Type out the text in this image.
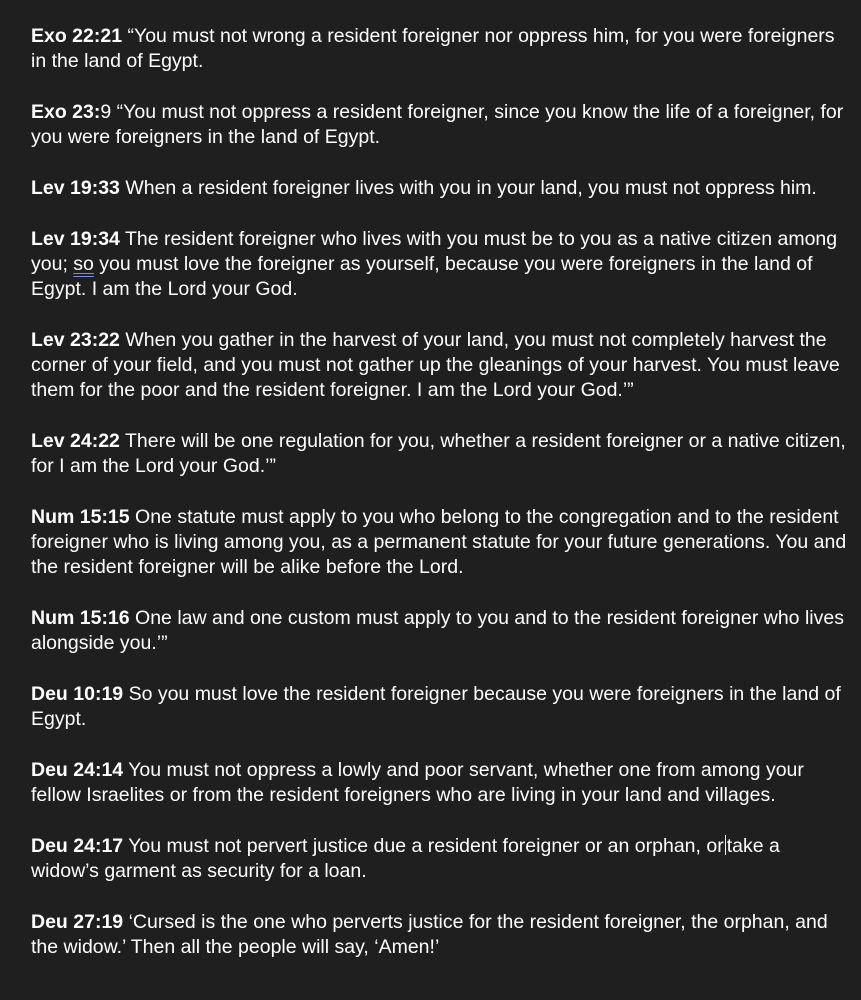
Exo 22:21 “You must not wrong a resident foreigner nor oppress him, for you were foreigners in the land of Egypt.

Exo 23:9 “You must not oppress a resident foreigner, since you know the life of a foreigner, for you were foreigners in the land of Egypt.

Lev 19:33 When a resident foreigner lives with you in your land, you must not oppress him.

Lev 19:34 The resident foreigner who lives with you must be to you as a native citizen among you; so you must love the foreigner as yourself, because you were foreigners in the land of Egypt. I am the Lord your God.

Lev 23:22 When you gather in the harvest of your land, you must not completely harvest the corner of your field, and you must not gather up the gleanings of your harvest. You must leave them for the poor and the resident foreigner. I am the Lord your God.’”

Lev 24:22 There will be one regulation for you, whether a resident foreigner or a native citizen, for I am the Lord your God.’”

Num 15:15 One statute must apply to you who belong to the congregation and to the resident foreigner who is living among you, as a permanent statute for your future generations. You and the resident foreigner will be alike before the Lord.

Num 15:16 One law and one custom must apply to you and to the resident foreigner who lives alongside you.’”

Deu 10:19 So you must love the resident foreigner because you were foreigners in the land of Egypt.

Deu 24:14 You must not oppress a lowly and poor servant, whether one from among your fellow Israelites or from the resident foreigners who are living in your land and villages.

Deu 24:17 You must not pervert justice due a resident foreigner or an orphan, or take a widow’s garment as security for a loan.

Deu 27:19 ‘Cursed is the one who perverts justice for the resident foreigner, the orphan, and the widow.’ Then all the people will say, ‘Amen!’
